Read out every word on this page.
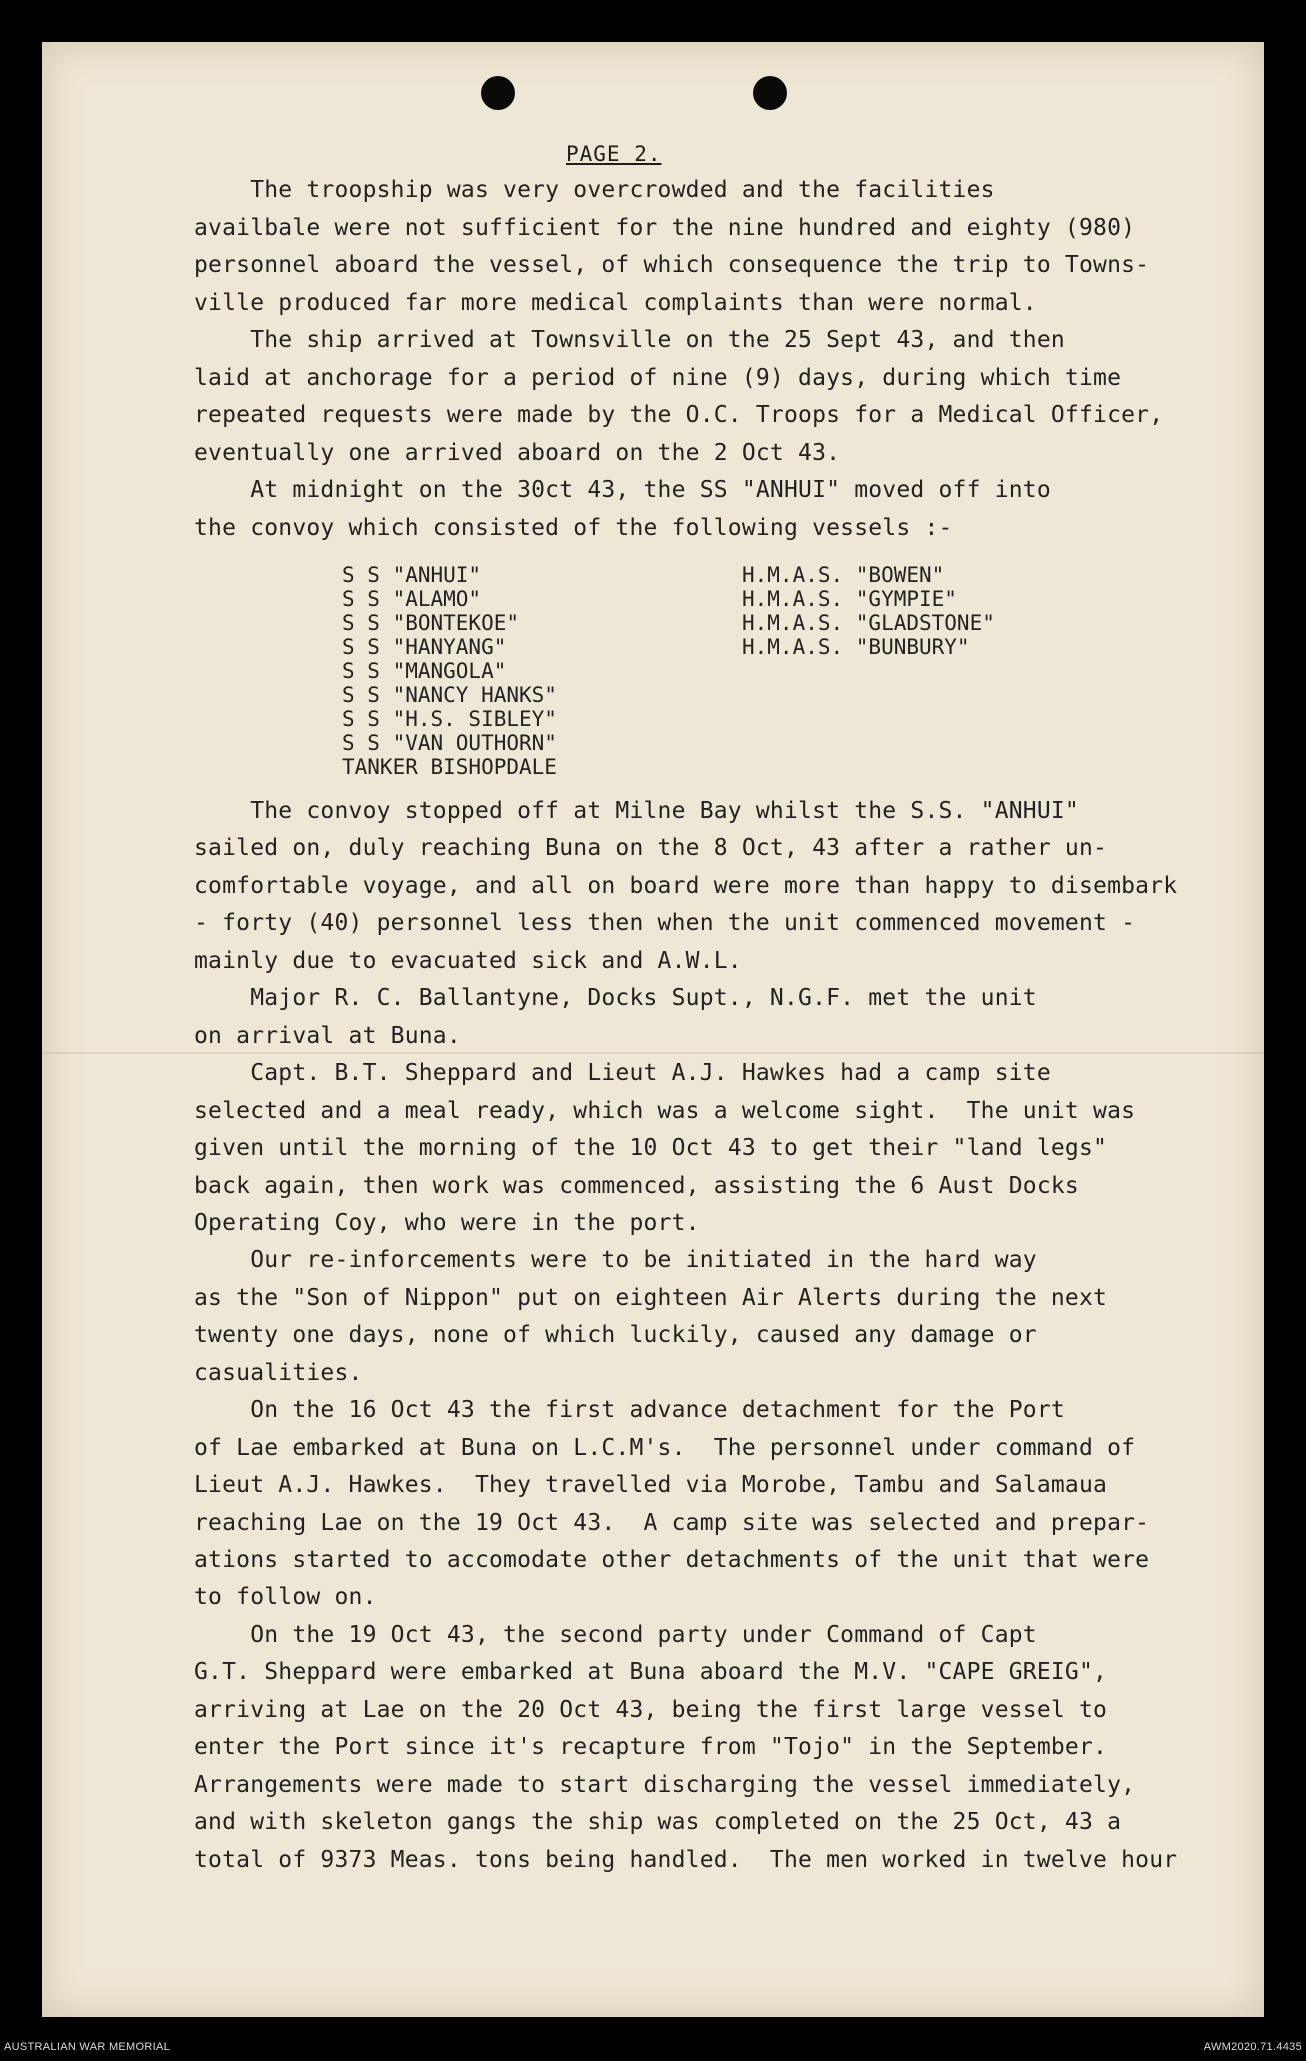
PAGE 2.
The troopship was very overcrowded and the facilities
availbale were not sufficient for the nine hundred and eighty (980)
personnel aboard the vessel, of which consequence the trip to Towns-
ville produced far more medical complaints than were normal.
The ship arrived at Townsville on the 25 Sept 43, and then
laid at anchorage for a period of nine (9) days, during which time
repeated requests were made by the O.C. Troops for a Medical Officer,
eventually one arrived aboard on the 2 Oct 43.
At midnight on the 30ct 43, the SS "ANHUI" moved off into
the convoy which consisted of the following vessels :-
S S "ANHUI"
S S "ALAMO"
S S "BONTEKOE"
S S "HANYANG"
S S "MANGOLA"
S S "NANCY HANKS"
S S "H.S. SIBLEY"
S S "VAN OUTHORN"
TANKER BISHOPDALE
H.M.A.S. "BOWEN"
H.M.A.S. "GYMPIE"
H.M.A.S. "GLADSTONE"
H.M.A.S. "BUNBURY"
The convoy stopped off at Milne Bay whilst the S.S. "ANHUI"
sailed on, duly reaching Buna on the 8 Oct, 43 after a rather un-
comfortable voyage, and all on board were more than happy to disembark
- forty (40) personnel less then when the unit commenced movement -
mainly due to evacuated sick and A.W.L.
Major R. C. Ballantyne, Docks Supt., N.G.F. met the unit
on arrival at Buna.
Capt. B.T. Sheppard and Lieut A.J. Hawkes had a camp site
selected and a meal ready, which was a welcome sight.  The unit was
given until the morning of the 10 Oct 43 to get their "land legs"
back again, then work was commenced, assisting the 6 Aust Docks
Operating Coy, who were in the port.
Our re-inforcements were to be initiated in the hard way
as the "Son of Nippon" put on eighteen Air Alerts during the next
twenty one days, none of which luckily, caused any damage or
casualities.
On the 16 Oct 43 the first advance detachment for the Port
of Lae embarked at Buna on L.C.M's.  The personnel under command of
Lieut A.J. Hawkes.  They travelled via Morobe, Tambu and Salamaua
reaching Lae on the 19 Oct 43.  A camp site was selected and prepar-
ations started to accomodate other detachments of the unit that were
to follow on.
On the 19 Oct 43, the second party under Command of Capt
G.T. Sheppard were embarked at Buna aboard the M.V. "CAPE GREIG",
arriving at Lae on the 20 Oct 43, being the first large vessel to
enter the Port since it's recapture from "Tojo" in the September.
Arrangements were made to start discharging the vessel immediately,
and with skeleton gangs the ship was completed on the 25 Oct, 43 a
total of 9373 Meas. tons being handled.  The men worked in twelve hour
AUSTRALIAN WAR MEMORIAL	AWM2020.71.4435
